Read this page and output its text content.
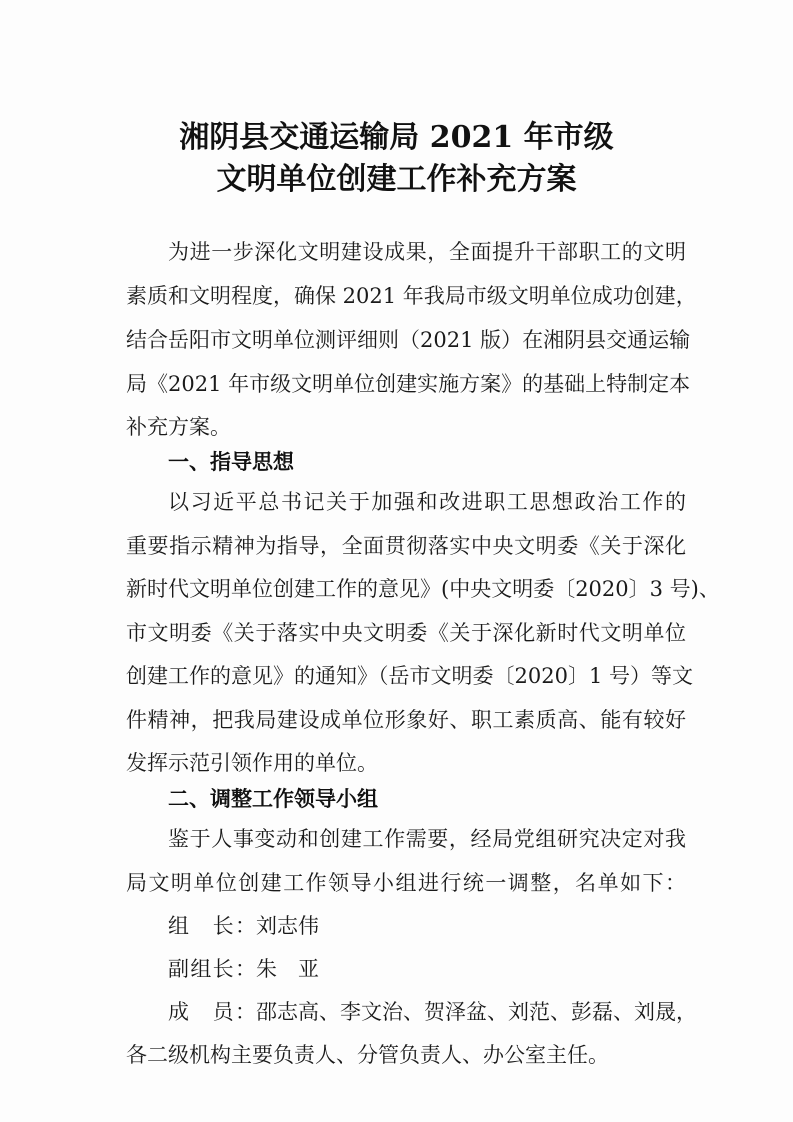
湘阴县交通运输局 2021 年市级
文明单位创建工作补充方案

为进一步深化文明建设成果，全面提升干部职工的文明

素质和文明程度，确保 2021 年我局市级文明单位成功创建，

结合岳阳市文明单位测评细则（2021 版）在湘阴县交通运输

局《2021 年市级文明单位创建实施方案》的基础上特制定本

补充方案。

一、指导思想

以习近平总书记关于加强和改进职工思想政治工作的

重要指示精神为指导，全面贯彻落实中央文明委《关于深化

新时代文明单位创建工作的意见》(中央文明委〔2020〕3 号)、

市文明委《关于落实中央文明委《关于深化新时代文明单位

创建工作的意见》的通知》（岳市文明委〔2020〕1 号）等文

件精神，把我局建设成单位形象好、职工素质高、能有较好

发挥示范引领作用的单位。

二、调整工作领导小组

鉴于人事变动和创建工作需要，经局党组研究决定对我

局文明单位创建工作领导小组进行统一调整，名单如下：

组　长：刘志伟

副组长：朱　亚

成　员：邵志高、李文治、贺泽盆、刘范、彭磊、刘晟，

各二级机构主要负责人、分管负责人、办公室主任。
